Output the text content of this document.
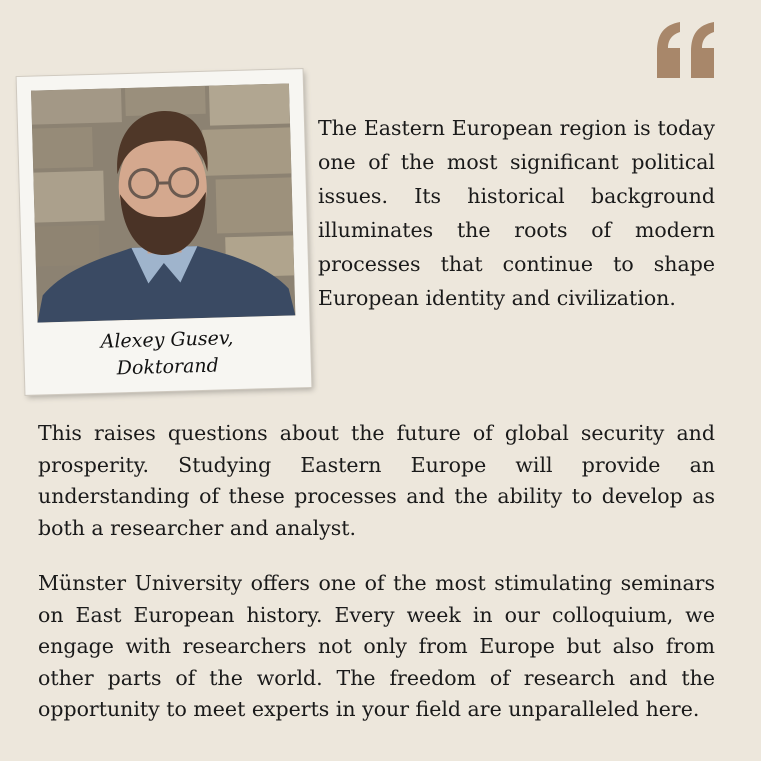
Alexey Gusev,
Doktorand

The Eastern European region is today one of the most significant political issues. Its historical background illuminates the roots of modern processes that continue to shape European identity and civilization.

This raises questions about the future of global security and prosperity. Studying Eastern Europe will provide an understanding of these processes and the ability to develop as both a researcher and analyst.

Münster University offers one of the most stimulating seminars on East European history. Every week in our colloquium, we engage with researchers not only from Europe but also from other parts of the world. The freedom of research and the opportunity to meet experts in your field are unparalleled here.
